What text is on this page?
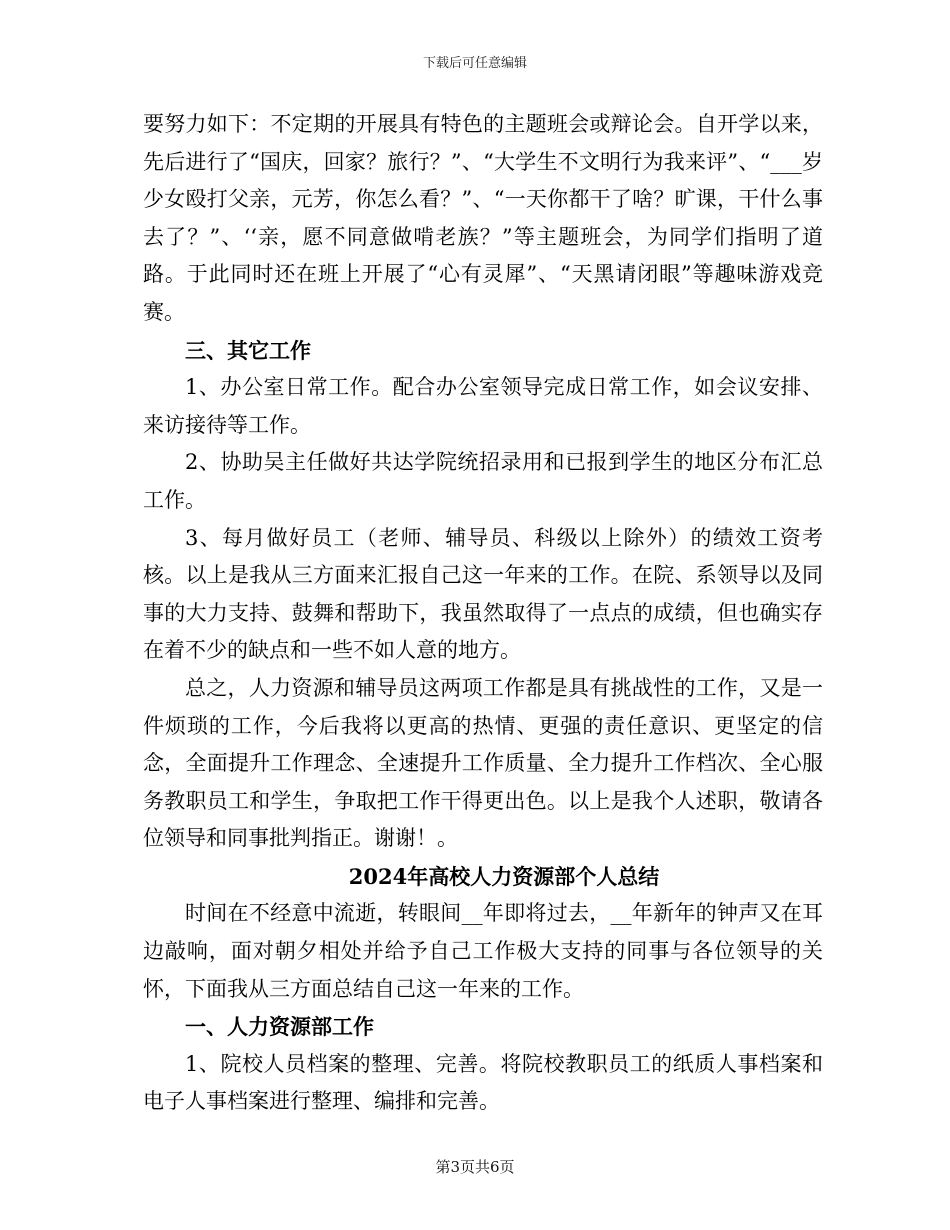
下载后可任意编辑

要努力如下：不定期的开展具有特色的主题班会或辩论会。自开学以来，先后进行了“国庆，回家？旅行？”、“大学生不文明行为我来评”、“___岁少女殴打父亲，元芳，你怎么看？”、“一天你都干了啥？旷课，干什么事去了？”、‘‘亲，愿不同意做啃老族？”等主题班会，为同学们指明了道路。于此同时还在班上开展了“心有灵犀”、“天黑请闭眼”等趣味游戏竞赛。

三、其它工作

1、办公室日常工作。配合办公室领导完成日常工作，如会议安排、来访接待等工作。

2、协助吴主任做好共达学院统招录用和已报到学生的地区分布汇总工作。

3、每月做好员工（老师、辅导员、科级以上除外）的绩效工资考核。以上是我从三方面来汇报自己这一年来的工作。在院、系领导以及同事的大力支持、鼓舞和帮助下，我虽然取得了一点点的成绩，但也确实存在着不少的缺点和一些不如人意的地方。

总之，人力资源和辅导员这两项工作都是具有挑战性的工作，又是一件烦琐的工作，今后我将以更高的热情、更强的责任意识、更坚定的信念，全面提升工作理念、全速提升工作质量、全力提升工作档次、全心服务教职员工和学生，争取把工作干得更出色。以上是我个人述职，敬请各位领导和同事批判指正。谢谢！。

2024年高校人力资源部个人总结

时间在不经意中流逝，转眼间__年即将过去，__年新年的钟声又在耳边敲响，面对朝夕相处并给予自己工作极大支持的同事与各位领导的关怀，下面我从三方面总结自己这一年来的工作。

一、人力资源部工作

1、院校人员档案的整理、完善。将院校教职员工的纸质人事档案和电子人事档案进行整理、编排和完善。

第3页共6页
